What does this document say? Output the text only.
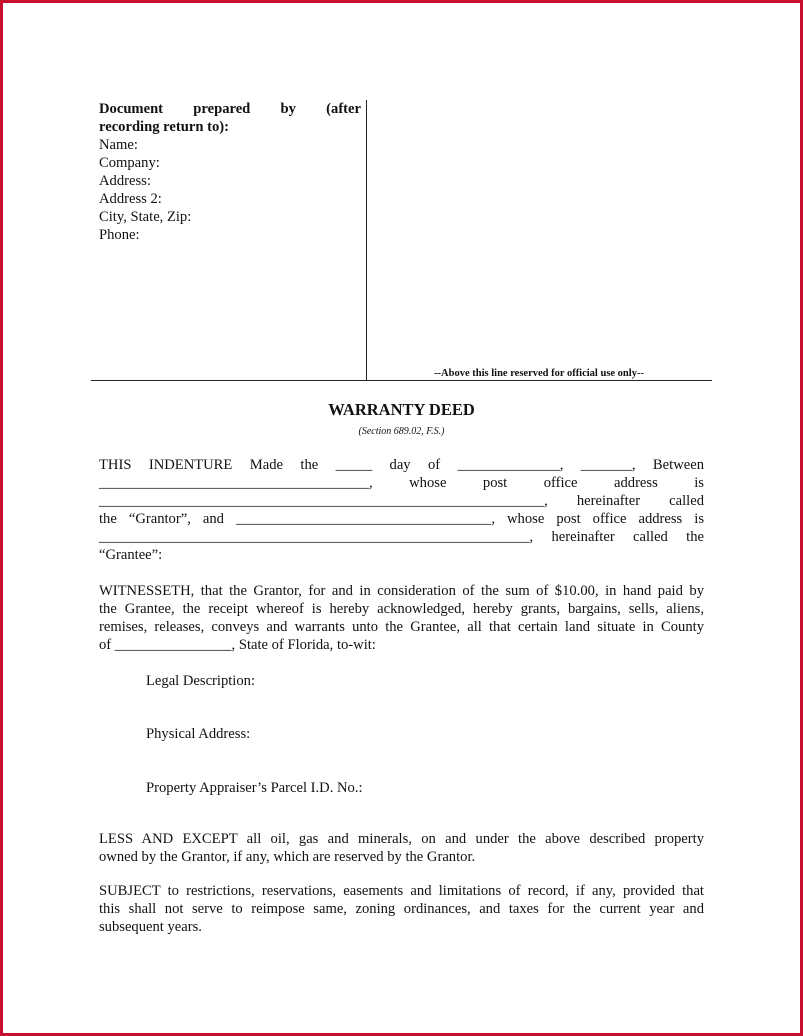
Document prepared by (after
recording return to):
Name:
Company:
Address:
Address 2:
City, State, Zip:
Phone:
--Above this line reserved for official use only--
WARRANTY DEED
(Section 689.02, F.S.)
THIS INDENTURE Made the _____ day of ______________, _______, Between
_____________________________________, whose post office address is
_____________________________________________________________, hereinafter called
the “Grantor”, and ___________________________________, whose post office address is
___________________________________________________________, hereinafter called the
“Grantee”:
WITNESSETH, that the Grantor, for and in consideration of the sum of $10.00, in hand paid by
the Grantee, the receipt whereof is hereby acknowledged, hereby grants, bargains, sells, aliens,
remises, releases, conveys and warrants unto the Grantee, all that certain land situate in County
of ________________, State of Florida, to-wit:
Legal Description:
Physical Address:
Property Appraiser’s Parcel I.D. No.:
LESS AND EXCEPT all oil, gas and minerals, on and under the above described property
owned by the Grantor, if any, which are reserved by the Grantor.
SUBJECT to restrictions, reservations, easements and limitations of record, if any, provided that
this shall not serve to reimpose same, zoning ordinances, and taxes for the current year and
subsequent years.
